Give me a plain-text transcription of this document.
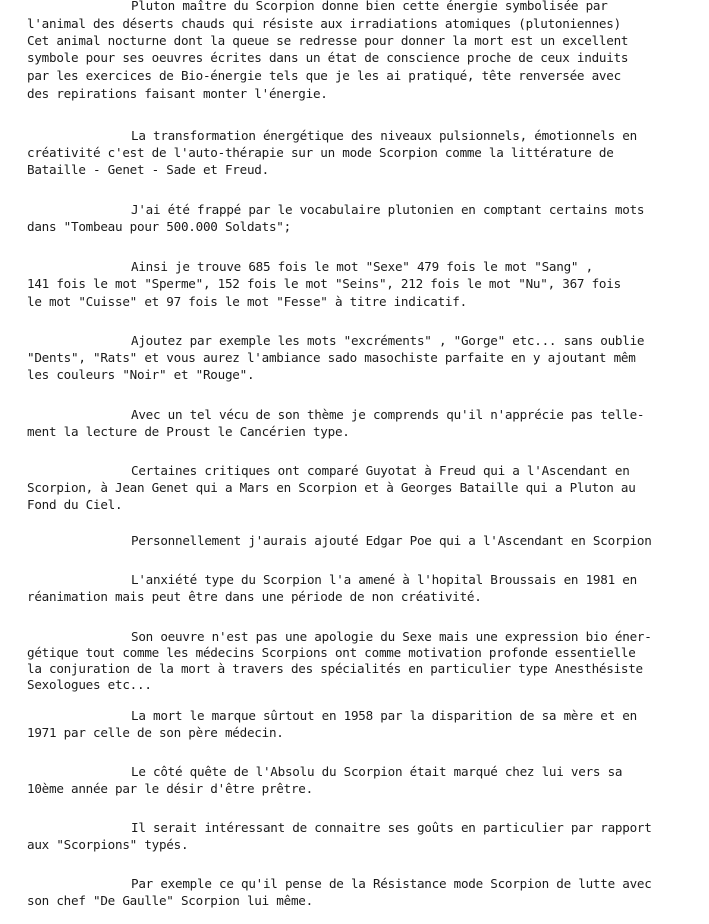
Pluton maître du Scorpion donne bien cette énergie symbolisée par
l'animal des déserts chauds qui résiste aux irradiations atomiques (plutoniennes)
Cet animal nocturne dont la queue se redresse pour donner la mort est un excellent
symbole pour ses oeuvres écrites dans un état de conscience proche de ceux induits
par les exercices de Bio-énergie tels que je les ai pratiqué, tête renversée avec
des repirations faisant monter l'énergie.
La transformation énergétique des niveaux pulsionnels, émotionnels en
créativité c'est de l'auto-thérapie sur un mode Scorpion comme la littérature de
Bataille - Genet - Sade et Freud.
J'ai été frappé par le vocabulaire plutonien en comptant certains mots
dans "Tombeau pour 500.000 Soldats";
Ainsi je trouve 685 fois le mot "Sexe" 479 fois le mot "Sang" ,
141 fois le mot "Sperme", 152 fois le mot "Seins", 212 fois le mot "Nu", 367 fois
le mot "Cuisse" et 97 fois le mot "Fesse" à titre indicatif.
Ajoutez par exemple les mots "excréments" , "Gorge" etc... sans oublie
"Dents", "Rats" et vous aurez l'ambiance sado masochiste parfaite en y ajoutant mêm
les couleurs "Noir" et "Rouge".
Avec un tel vécu de son thème je comprends qu'il n'apprécie pas telle-
ment la lecture de Proust le Cancérien type.
Certaines critiques ont comparé Guyotat à Freud qui a l'Ascendant en
Scorpion, à Jean Genet qui a Mars en Scorpion et à Georges Bataille qui a Pluton au
Fond du Ciel.
Personnellement j'aurais ajouté Edgar Poe qui a l'Ascendant en Scorpion
L'anxiété type du Scorpion l'a amené à l'hopital Broussais en 1981 en
réanimation mais peut être dans une période de non créativité.
Son oeuvre n'est pas une apologie du Sexe mais une expression bio éner-
gétique tout comme les médecins Scorpions ont comme motivation profonde essentielle
la conjuration de la mort à travers des spécialités en particulier type Anesthésiste
Sexologues etc...
La mort le marque sûrtout en 1958 par la disparition de sa mère et en
1971 par celle de son père médecin.
Le côté quête de l'Absolu du Scorpion était marqué chez lui vers sa
10ème année par le désir d'être prêtre.
Il serait intéressant de connaitre ses goûts en particulier par rapport
aux "Scorpions" typés.
Par exemple ce qu'il pense de la Résistance mode Scorpion de lutte avec
son chef "De Gaulle" Scorpion lui même.
